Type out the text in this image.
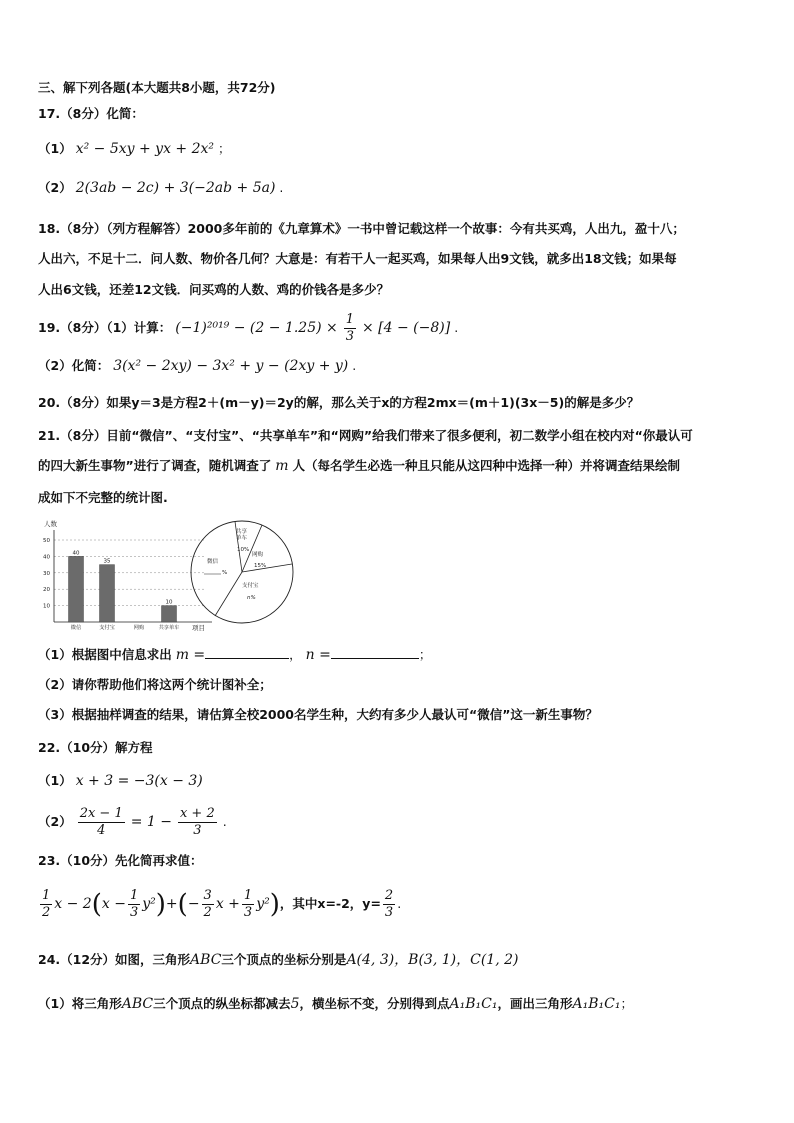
三、解下列各题(本大题共8小题，共72分)
17.（8分）化简：
（1） x² − 5xy + yx + 2x² ；
（2） 2(3ab − 2c) + 3(−2ab + 5a) .
18.（8分）（列方程解答）2000多年前的《九章算术》一书中曾记载这样一个故事：今有共买鸡，人出九，盈十八；
人出六，不足十二．问人数、物价各几何？大意是：有若干人一起买鸡，如果每人出9文钱，就多出18文钱；如果每
人出6文钱，还差12文钱．问买鸡的人数、鸡的价钱各是多少？
19.（8分）（1）计算： $(-1)^{2019} - (2 - 1.25) \times \frac{1}{3} \times [4 - (-8)]$ .
（2）化简： 3(x² − 2xy) − 3x² + y − (2xy + y) .
20.（8分）如果y＝3是方程2＋(m－y)＝2y的解，那么关于x的方程2mx＝(m＋1)(3x－5)的解是多少？
21.（8分）目前“微信”、“支付宝”、“共享单车”和“网购”给我们带来了很多便利，初二数学小组在校内对“你最认可
的四大新生事物”进行了调查，随机调查了 m 人（每名学生必选一种且只能从这四种中选择一种）并将调查结果绘制
成如下不完整的统计图.
人数
项目
10
20
30
40
50
40
微信
35
支付宝	网购
10
共享单车
共享单车
10%
网购
15%
支付宝
n%
微信
%
（1）根据图中信息求出 m =	， n =	；
（2）请你帮助他们将这两个统计图补全；
（3）根据抽样调查的结果，请估算全校2000名学生种，大约有多少人最认可“微信”这一新生事物？
22.（10分）解方程
（1） x + 3 = −3(x − 3)
$(2) \frac{2x - 1}{4} = 1 - \frac{x + 2}{3}$ .
23.（10分）先化简再求值：
$\frac{1}{2}$ $x - 2(x - \frac{1}{3} y^2)+(- \frac{3}{2}$ $x + \frac{1}{3} y^2$)，其中x=-2，$y= \frac{2}{3}$ .
24.（12分）如图，三角形ABC三个顶点的坐标分别是A(4, 3)，B(3, 1)，C(1, 2)
（1）将三角形ABC三个顶点的纵坐标都减去5，横坐标不变，分别得到点A₁B₁C₁，画出三角形A₁B₁C₁；
